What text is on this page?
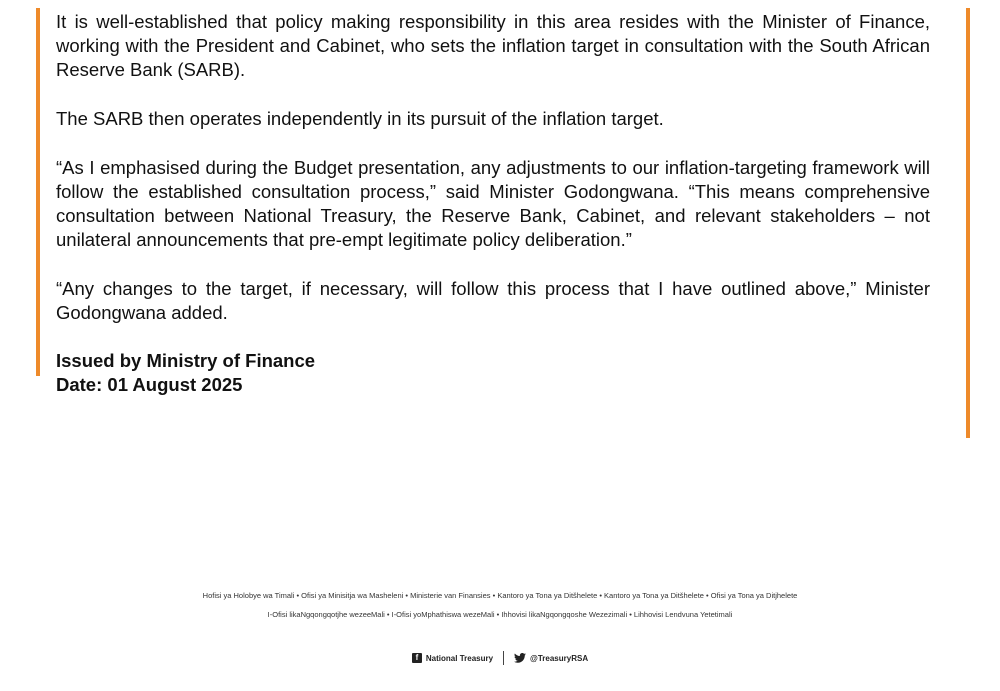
It is well-established that policy making responsibility in this area resides with the Minister of Finance, working with the President and Cabinet, who sets the inflation target in consultation with the South African Reserve Bank (SARB).

The SARB then operates independently in its pursuit of the inflation target.

“As I emphasised during the Budget presentation, any adjustments to our inflation-targeting framework will follow the established consultation process,” said Minister Godongwana. “This means comprehensive consultation between National Treasury, the Reserve Bank, Cabinet, and relevant stakeholders – not unilateral announcements that pre-empt legitimate policy deliberation.”

“Any changes to the target, if necessary, will follow this process that I have outlined above,” Minister Godongwana added.

Issued by Ministry of Finance
Date: 01 August 2025
Hofisi ya Holobye wa Timali • Ofisi ya Minisitja wa Masheleni • Ministerie van Finansies • Kantoro ya Tona ya Ditšhelete • Kantoro ya Tona ya Ditšhelete • Ofisi ya Tona ya Ditjhelete
I-Ofisi likaNgqongqotjhe wezeeMali • I-Ofisi yoMphathiswa wezeMali • Ihhovisi likaNgqongqoshe Wezezimali • Lihhovisi Lendvuna Yetetimali
f National Treasury	@TreasuryRSA
